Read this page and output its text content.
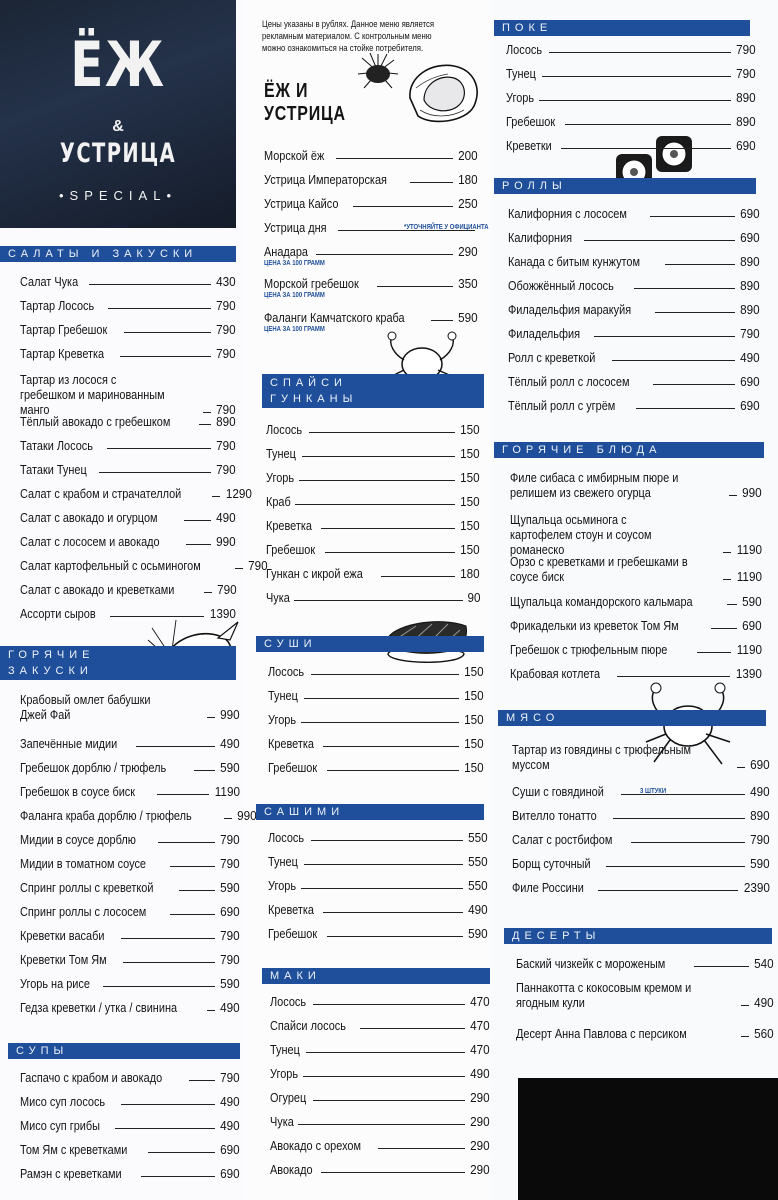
ЁЖ
&
УСТРИЦА
•SPECIAL•
Цены указаны в рублях. Данное меню является рекламным материалом. С контрольным меню можно ознакомиться на стойке потребителя.
ЁЖ И
УСТРИЦА
САЛАТЫ И ЗАКУСКИ
ГОРЯЧИЕ
ЗАКУСКИ
СУПЫ
СПАЙСИ
ГУНКАНЫ
СУШИ
САШИМИ
МАКИ
ПОКЕ
РОЛЛЫ
ГОРЯЧИЕ БЛЮДА
МЯСО
ДЕСЕРТЫ
Салат Чука	430
Тартар Лосось	790
Тартар Гребешок	790
Тартар Креветка	790
Тартар из лосося с гребешком и маринованным манго	790
Тёплый авокадо с гребешком	890
Татаки Лосось	790
Татаки Тунец	790
Салат с крабом и страчателлой	1290
Салат с авокадо и огурцом	490
Салат с лососем и авокадо	990
Салат картофельный с осьминогом	790
Салат с авокадо и креветками	790
Ассорти сыров	1390
Крабовый омлет бабушки Джей Фай	990
Запечённые мидии	490
Гребешок дорблю / трюфель	590
Гребешок в соусе биск	1190
Фаланга краба дорблю / трюфель	990
Мидии в соусе дорблю	790
Мидии в томатном соусе	790
Спринг роллы с креветкой	590
Спринг роллы с лососем	690
Креветки васаби	790
Креветки Том Ям	790
Угорь на рисе	590
Гедза креветки / утка / свинина	490
Гаспачо с крабом и авокадо	790
Мисо суп лосось	490
Мисо суп грибы	490
Том Ям с креветками	690
Рамэн с креветками	690
Морской ёж	200
Устрица Императорская	180
Устрица Кайсо	250
Устрица дня	*УТОЧНЯЙТЕ У ОФИЦИАНТА
Анадара	290
ЦЕНА ЗА 100 ГРАММ
Морской гребешок	350
ЦЕНА ЗА 100 ГРАММ
Фаланги Камчатского краба	590
ЦЕНА ЗА 100 ГРАММ
Лосось	150
Тунец	150
Угорь	150
Краб	150
Креветка	150
Гребешок	150
Гункан с икрой ежа	180
Чука	90
Лосось	150
Тунец	150
Угорь	150
Креветка	150
Гребешок	150
Лосось	550
Тунец	550
Угорь	550
Креветка	490
Гребешок	590
Лосось	470
Спайси лосось	470
Тунец	470
Угорь	490
Огурец	290
Чука	290
Авокадо с орехом	290
Авокадо	290
Лосось	790
Тунец	790
Угорь	890
Гребешок	890
Креветки	690
Калифорния с лососем	690
Калифорния	690
Канада с битым кунжутом	890
Обожжённый лосось	890
Филадельфия маракуйя	890
Филадельфия	790
Ролл с креветкой	490
Тёплый ролл с лососем	690
Тёплый ролл с угрём	690
Филе сибаса с имбирным пюре и релишем из свежего огурца	990
Щупальца осьминога с картофелем стоун и соусом романеско	1190
Орзо с креветками и гребешками в соусе биск	1190
Щупальца командорского кальмара	590
Фрикадельки из креветок Том Ям	690
Гребешок с трюфельным пюре	1190
Крабовая котлета	1390
Тартар из говядины с трюфельным муссом	690
Суши с говядиной	490
3 ШТУКИ
Вителло тонатто	890
Салат с ростбифом	790
Борщ суточный	590
Филе Россини	2390
Баский чизкейк с мороженым	540
Паннакотта с кокосовым кремом и ягодным кули	490
Десерт Анна Павлова с персиком	560
